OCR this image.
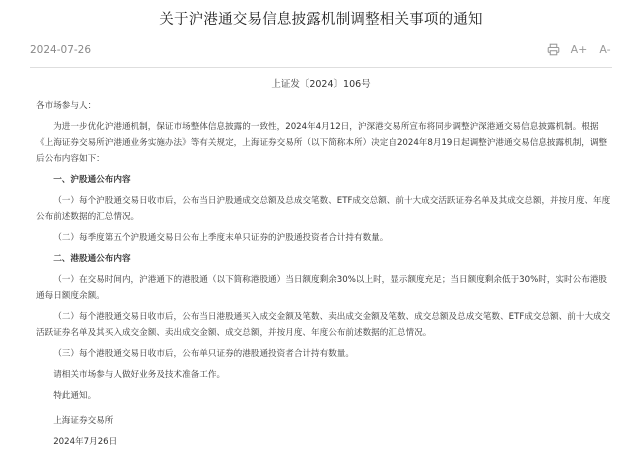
关于沪港通交易信息披露机制调整相关事项的通知
2024-07-26	A+ A-
上证发〔2024〕106号

各市场参与人：

为进一步优化沪港通机制，保证市场整体信息披露的一致性，2024年4月12日，沪深港交易所宣布将同步调整沪深港通交易信息披露机制。根据《上海证券交易所沪港通业务实施办法》等有关规定，上海证券交易所（以下简称本所）决定自2024年8月19日起调整沪港通交易信息披露机制，调整后公布内容如下：

一、沪股通公布内容

（一）每个沪股通交易日收市后，公布当日沪股通成交总额及总成交笔数、ETF成交总额、前十大成交活跃证券名单及其成交总额，并按月度、年度公布前述数据的汇总情况。

（二）每季度第五个沪股通交易日公布上季度末单只证券的沪股通投资者合计持有数量。

二、港股通公布内容

（一）在交易时间内，沪港通下的港股通（以下简称港股通）当日额度剩余30%以上时，显示额度充足；当日额度剩余低于30%时，实时公布港股通每日额度余额。

（二）每个港股通交易日收市后，公布当日港股通买入成交金额及笔数、卖出成交金额及笔数、成交总额及总成交笔数、ETF成交总额、前十大成交活跃证券名单及其买入成交金额、卖出成交金额、成交总额，并按月度、年度公布前述数据的汇总情况。

（三）每个港股通交易日收市后，公布单只证券的港股通投资者合计持有数量。

请相关市场参与人做好业务及技术准备工作。

特此通知。

上海证券交易所

2024年7月26日
